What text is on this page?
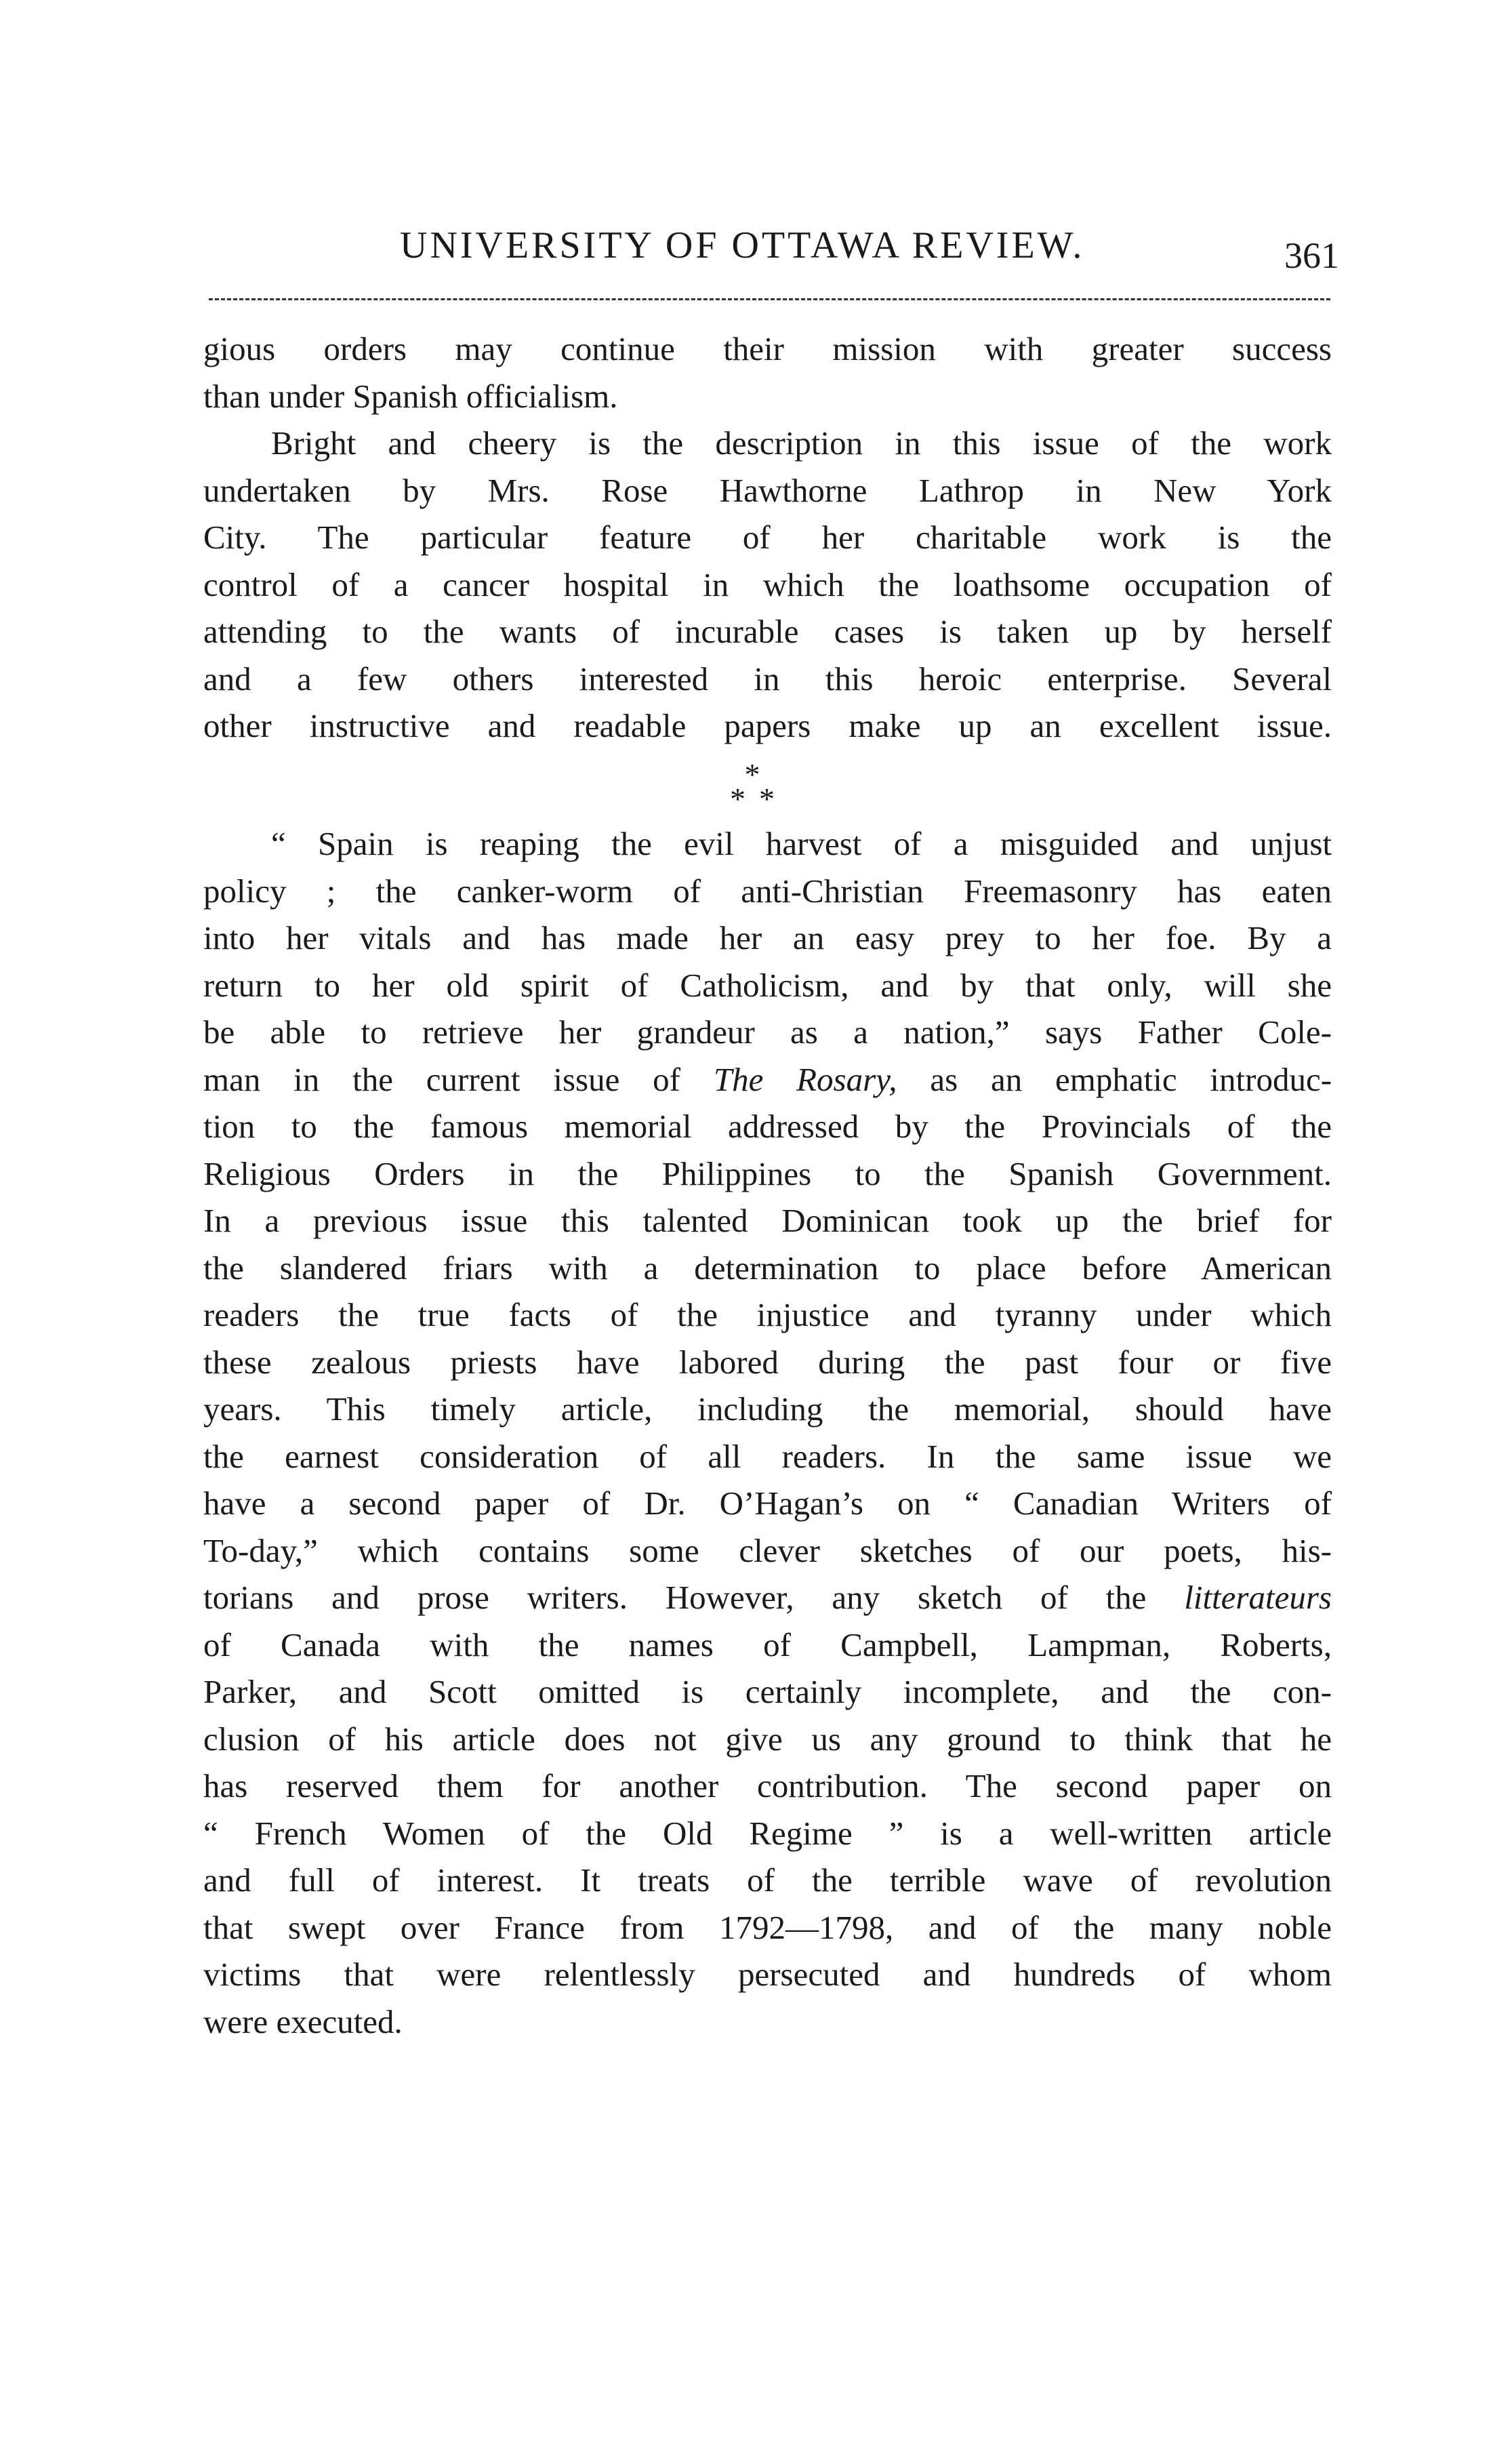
UNIVERSITY OF OTTAWA REVIEW.	361
gious orders may continue their mission with greater success
than under Spanish officialism.
Bright and cheery is the description in this issue of the work
undertaken by Mrs. Rose Hawthorne Lathrop in New York
City. The particular feature of her charitable work is the
control of a cancer hospital in which the loathsome occupation of
attending to the wants of incurable cases is taken up by herself
and a few others interested in this heroic enterprise. Several
other instructive and readable papers make up an excellent issue.
*
* *
“ Spain is reaping the evil harvest of a misguided and unjust
policy ; the canker-worm of anti-Christian Freemasonry has eaten
into her vitals and has made her an easy prey to her foe. By a
return to her old spirit of Catholicism, and by that only, will she
be able to retrieve her grandeur as a nation,” says Father Cole-
man in the current issue of The Rosary, as an emphatic introduc-
tion to the famous memorial addressed by the Provincials of the
Religious Orders in the Philippines to the Spanish Government.
In a previous issue this talented Dominican took up the brief for
the slandered friars with a determination to place before American
readers the true facts of the injustice and tyranny under which
these zealous priests have labored during the past four or five
years. This timely article, including the memorial, should have
the earnest consideration of all readers. In the same issue we
have a second paper of Dr. O’Hagan’s on “ Canadian Writers of
To-day,” which contains some clever sketches of our poets, his-
torians and prose writers. However, any sketch of the litterateurs
of Canada with the names of Campbell, Lampman, Roberts,
Parker, and Scott omitted is certainly incomplete, and the con-
clusion of his article does not give us any ground to think that he
has reserved them for another contribution. The second paper on
“ French Women of the Old Regime ” is a well-written article
and full of interest. It treats of the terrible wave of revolution
that swept over France from 1792—1798, and of the many noble
victims that were relentlessly persecuted and hundreds of whom
were executed.
